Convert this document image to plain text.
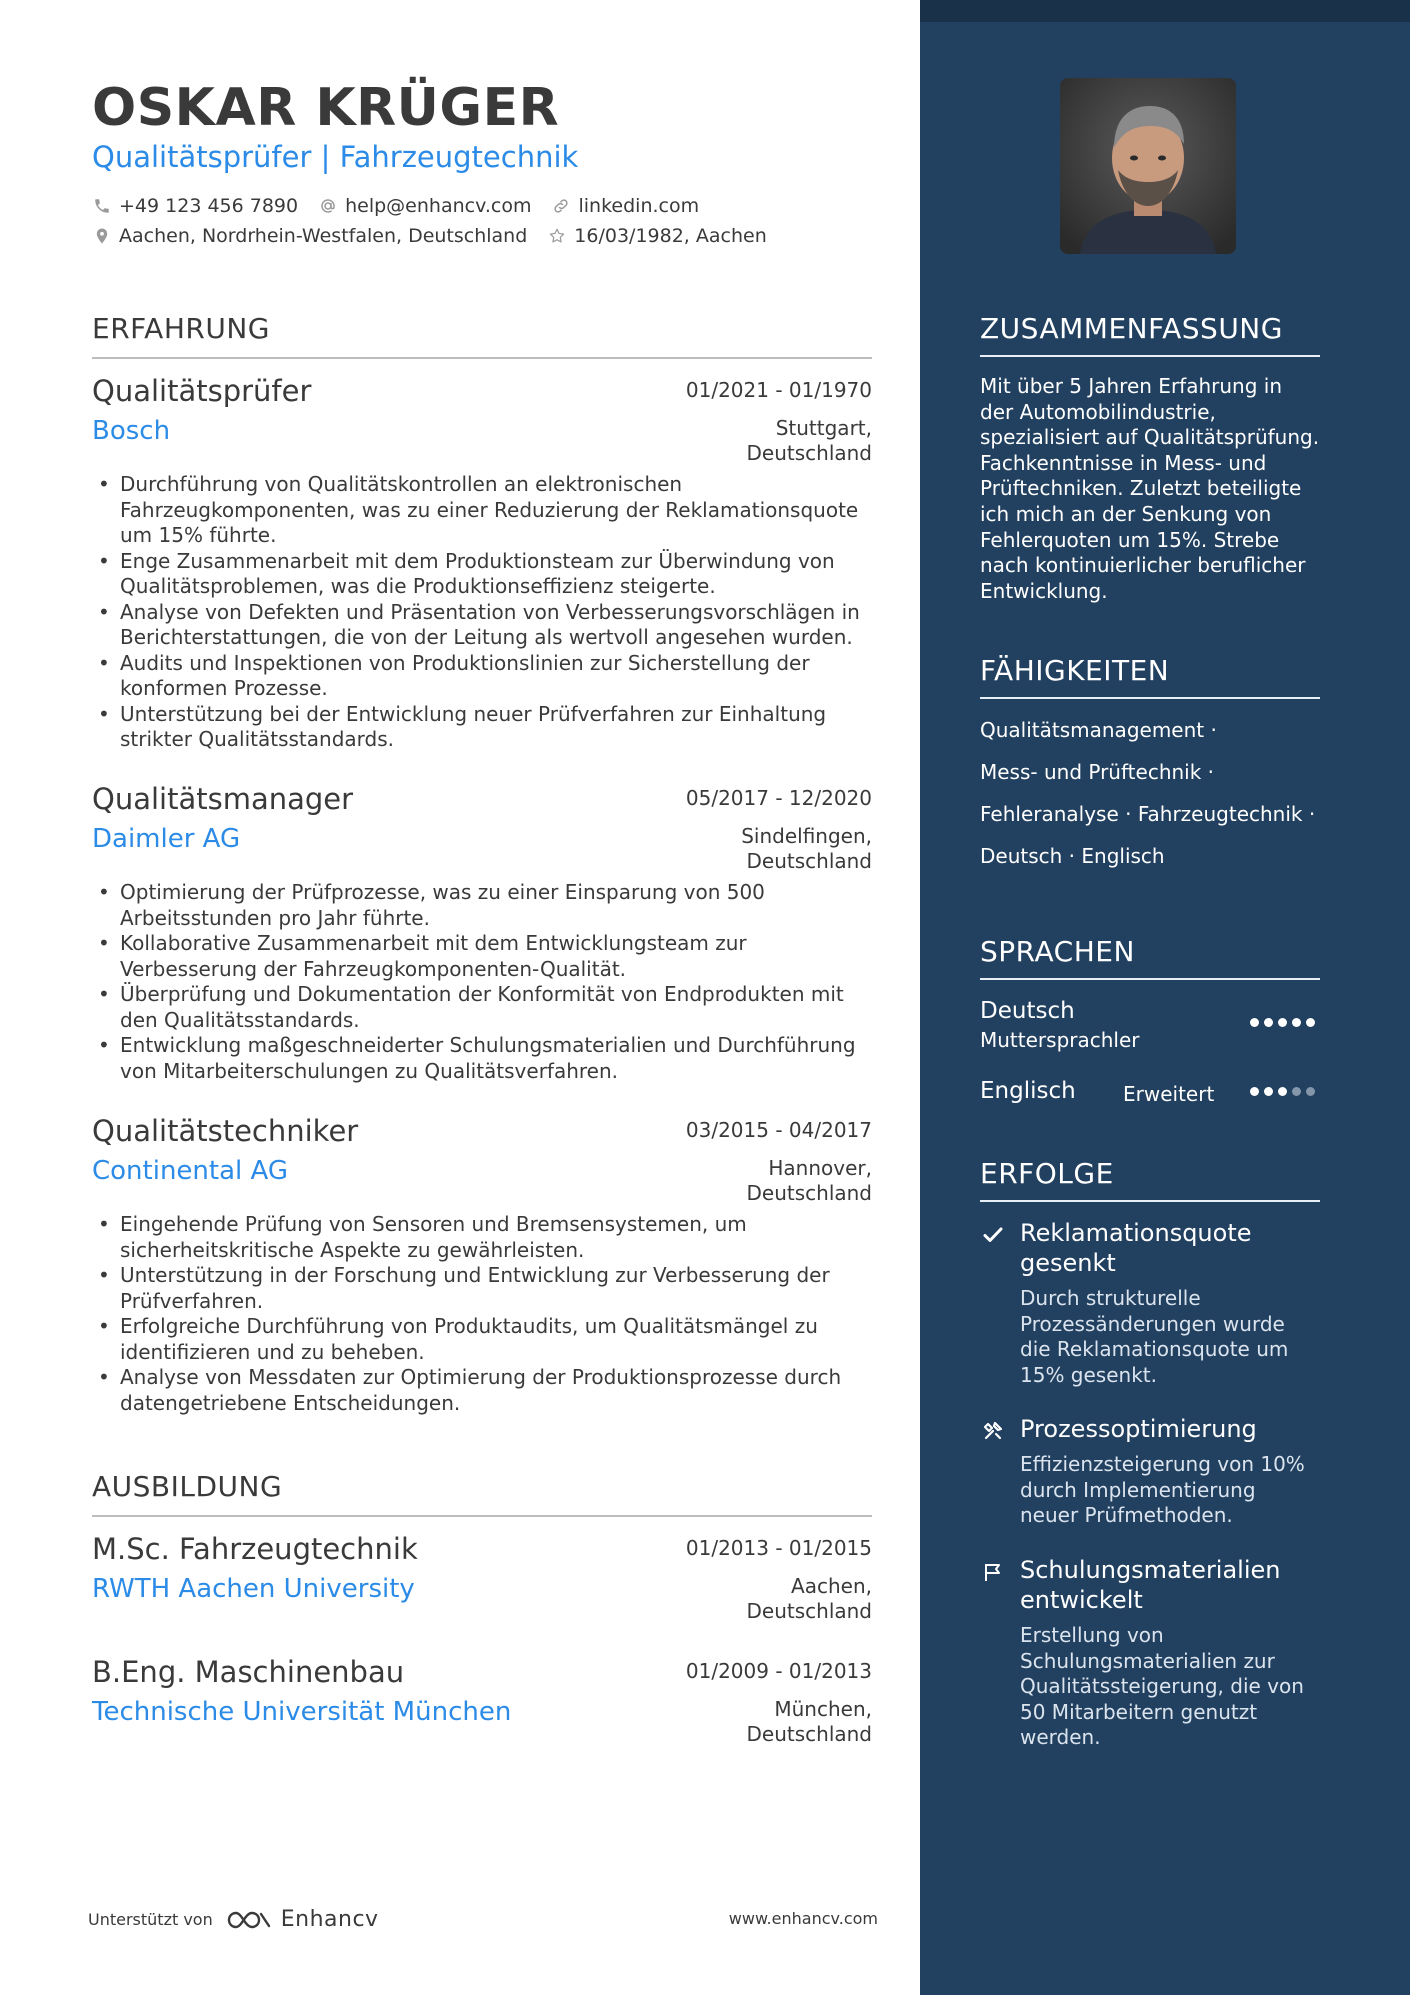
OSKAR KRÜGER
Qualitätsprüfer | Fahrzeugtechnik
+49 123 456 7890 help@enhancv.com linkedin.com
Aachen, Nordrhein-Westfalen, Deutschland 16/03/1982, Aachen
ERFAHRUNG
Qualitätsprüfer	01/2021 - 01/1970
Bosch	Stuttgart,
Deutschland
• Durchführung von Qualitätskontrollen an elektronischen Fahrzeugkomponenten, was zu einer Reduzierung der Reklamationsquote um 15% führte.
• Enge Zusammenarbeit mit dem Produktionsteam zur Überwindung von Qualitätsproblemen, was die Produktionseffizienz steigerte.
• Analyse von Defekten und Präsentation von Verbesserungsvorschlägen in Berichterstattungen, die von der Leitung als wertvoll angesehen wurden.
• Audits und Inspektionen von Produktionslinien zur Sicherstellung der konformen Prozesse.
• Unterstützung bei der Entwicklung neuer Prüfverfahren zur Einhaltung strikter Qualitätsstandards.
Qualitätsmanager	05/2017 - 12/2020
Daimler AG	Sindelfingen,
Deutschland
• Optimierung der Prüfprozesse, was zu einer Einsparung von 500 Arbeitsstunden pro Jahr führte.
• Kollaborative Zusammenarbeit mit dem Entwicklungsteam zur Verbesserung der Fahrzeugkomponenten-Qualität.
• Überprüfung und Dokumentation der Konformität von Endprodukten mit den Qualitätsstandards.
• Entwicklung maßgeschneiderter Schulungsmaterialien und Durchführung von Mitarbeiterschulungen zu Qualitätsverfahren.
Qualitätstechniker	03/2015 - 04/2017
Continental AG	Hannover,
Deutschland
• Eingehende Prüfung von Sensoren und Bremsensystemen, um sicherheitskritische Aspekte zu gewährleisten.
• Unterstützung in der Forschung und Entwicklung zur Verbesserung der Prüfverfahren.
• Erfolgreiche Durchführung von Produktaudits, um Qualitätsmängel zu identifizieren und zu beheben.
• Analyse von Messdaten zur Optimierung der Produktionsprozesse durch datengetriebene Entscheidungen.
AUSBILDUNG
M.Sc. Fahrzeugtechnik	01/2013 - 01/2015
RWTH Aachen University	Aachen,
Deutschland
B.Eng. Maschinenbau	01/2009 - 01/2013
Technische Universität München	München,
Deutschland
Unterstützt von	Enhancv	www.enhancv.com
ZUSAMMENFASSUNG
Mit über 5 Jahren Erfahrung in der Automobilindustrie, spezialisiert auf Qualitätsprüfung. Fachkenntnisse in Mess- und Prüftechniken. Zuletzt beteiligte ich mich an der Senkung von Fehlerquoten um 15%. Strebe nach kontinuierlicher beruflicher Entwicklung.
FÄHIGKEITEN
Qualitätsmanagement ·
Mess- und Prüftechnik ·
Fehleranalyse · Fahrzeugtechnik ·
Deutsch · Englisch
SPRACHEN
Deutsch
Muttersprachler
Englisch Erweitert
ERFOLGE
Reklamationsquote gesenkt
Durch strukturelle Prozessänderungen wurde die Reklamationsquote um 15% gesenkt.
Prozessoptimierung
Effizienzsteigerung von 10% durch Implementierung neuer Prüfmethoden.
Schulungsmaterialien entwickelt
Erstellung von Schulungsmaterialien zur Qualitätssteigerung, die von 50 Mitarbeitern genutzt werden.
